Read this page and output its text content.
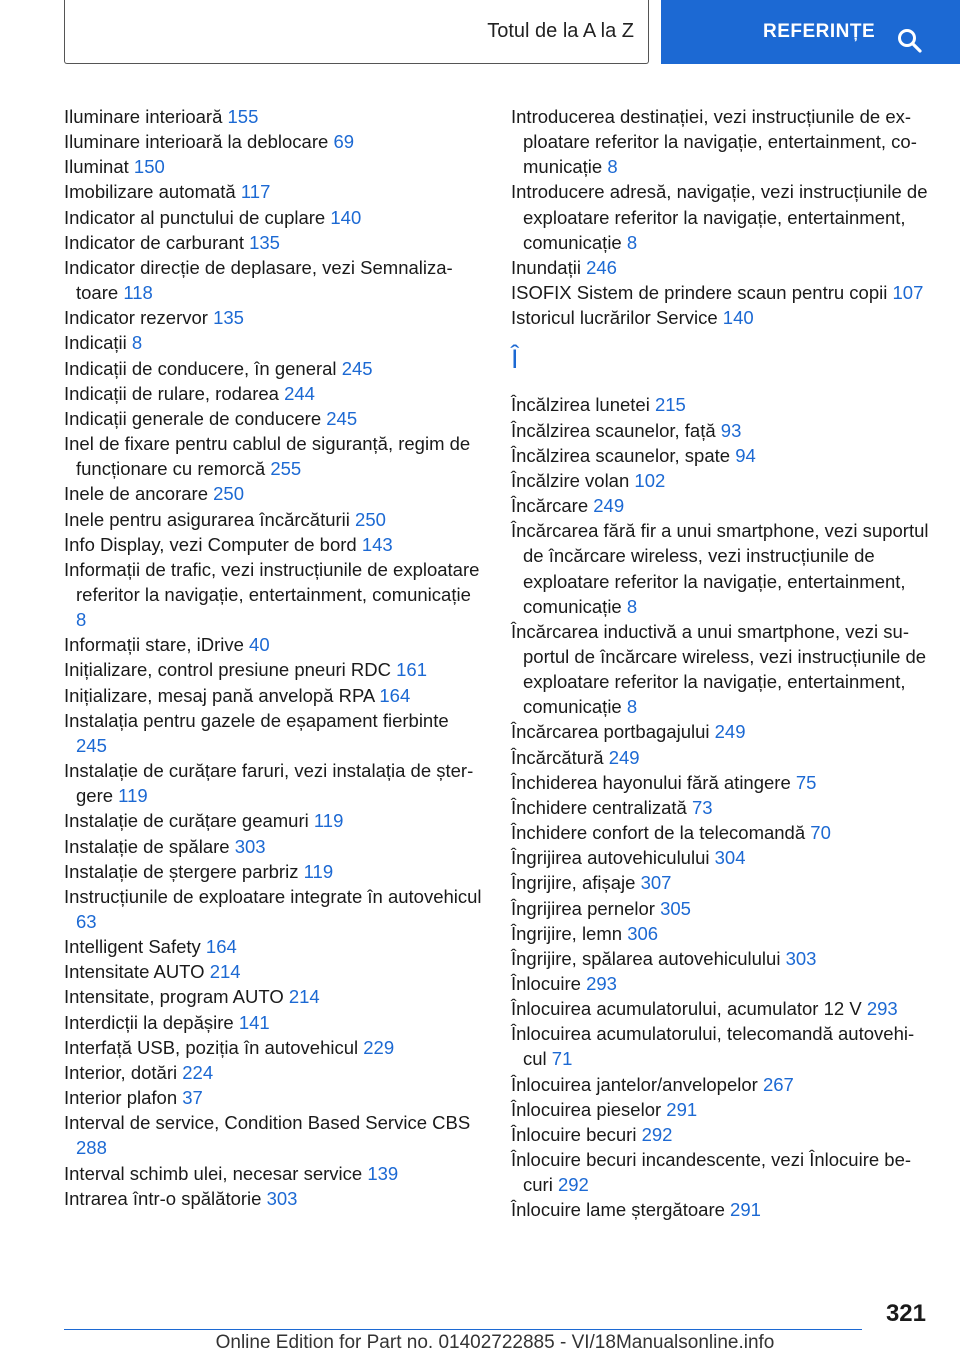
Totul de la A la Z	REFERINȚE
Iluminare interioară 155
Iluminare interioară la deblocare 69
Iluminat 150
Imobilizare automată 117
Indicator al punctului de cuplare 140
Indicator de carburant 135
Indicator direcție de deplasare, vezi Semnalizatoare 118
Indicator rezervor 135
Indicații 8
Indicații de conducere, în general 245
Indicații de rulare, rodarea 244
Indicații generale de conducere 245
Inel de fixare pentru cablul de siguranță, regim de funcționare cu remorcă 255
Inele de ancorare 250
Inele pentru asigurarea încărcăturii 250
Info Display, vezi Computer de bord 143
Informații de trafic, vezi instrucțiunile de exploatare referitor la navigație, entertainment, comunicație 8
Informații stare, iDrive 40
Inițializare, control presiune pneuri RDC 161
Inițializare, mesaj pană anvelopă RPA 164
Instalația pentru gazele de eșapament fierbinte 245
Instalație de curățare faruri, vezi instalația de ștergere 119
Instalație de curățare geamuri 119
Instalație de spălare 303
Instalație de ștergere parbriz 119
Instrucțiunile de exploatare integrate în autovehicul 63
Intelligent Safety 164
Intensitate AUTO 214
Intensitate, program AUTO 214
Interdicții la depășire 141
Interfață USB, poziția în autovehicul 229
Interior, dotări 224
Interior plafon 37
Interval de service, Condition Based Service CBS 288
Interval schimb ulei, necesar service 139
Intrarea într-o spălătorie 303
Introducerea destinației, vezi instrucțiunile de exploatare referitor la navigație, entertainment, comunicație 8
Introducere adresă, navigație, vezi instrucțiunile de exploatare referitor la navigație, entertainment, comunicație 8
Inundații 246
ISOFIX Sistem de prindere scaun pentru copii 107
Istoricul lucrărilor Service 140
Î
Încălzirea lunetei 215
Încălzirea scaunelor, față 93
Încălzirea scaunelor, spate 94
Încălzire volan 102
Încărcare 249
Încărcarea fără fir a unui smartphone, vezi suportul de încărcare wireless, vezi instrucțiunile de exploatare referitor la navigație, entertainment, comunicație 8
Încărcarea inductivă a unui smartphone, vezi suportul de încărcare wireless, vezi instrucțiunile de exploatare referitor la navigație, entertainment, comunicație 8
Încărcarea portbagajului 249
Încărcătură 249
Închiderea hayonului fără atingere 75
Închidere centralizată 73
Închidere confort de la telecomandă 70
Îngrijirea autovehiculului 304
Îngrijire, afișaje 307
Îngrijirea pernelor 305
Îngrijire, lemn 306
Îngrijire, spălarea autovehiculului 303
Înlocuire 293
Înlocuirea acumulatorului, acumulator 12 V 293
Înlocuirea acumulatorului, telecomandă autovehicul 71
Înlocuirea jantelor/anvelopelor 267
Înlocuirea pieselor 291
Înlocuire becuri 292
Înlocuire becuri incandescente, vezi Înlocuire becuri 292
Înlocuire lame ștergătoare 291
321
Online Edition for Part no. 01402722885 - VI/18Manualsonline.info
